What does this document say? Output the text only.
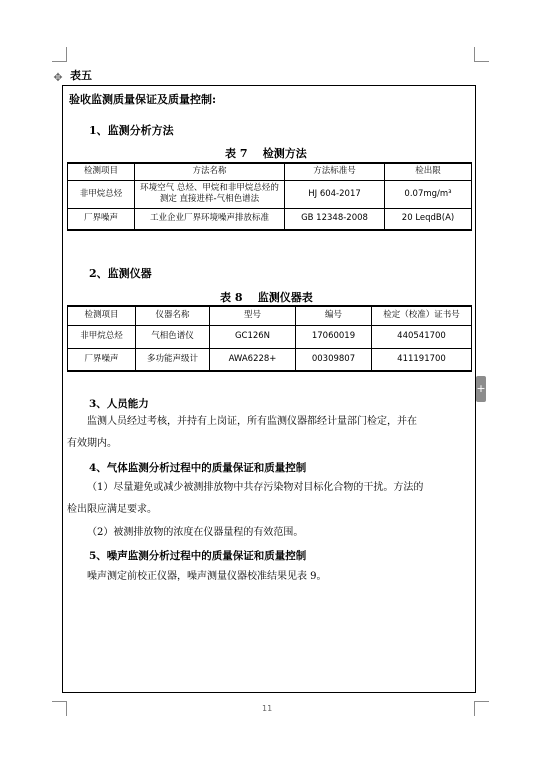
✥
+
表五
验收监测质量保证及质量控制:
1、监测分析方法
表 7    检测方法
检测项目	方法名称	方法标准号	检出限
非甲烷总烃	环境空气 总烃、甲烷和非甲烷总烃的测定 直接进样-气相色谱法	HJ 604-2017	0.07mg/m³
厂界噪声	工业企业厂界环境噪声排放标准	GB 12348-2008	20 LeqdB(A)
2、监测仪器
表 8    监测仪器表
检测项目	仪器名称	型号	编号	检定（校准）证书号
非甲烷总烃	气相色谱仪	GC126N	17060019	440541700
厂界噪声	多功能声级计	AWA6228+	00309807	411191700
3、人员能力
监测人员经过考核，并持有上岗证，所有监测仪器都经计量部门检定，并在
有效期内。
4、气体监测分析过程中的质量保证和质量控制
（1）尽量避免或减少被测排放物中共存污染物对目标化合物的干扰。方法的
检出限应满足要求。
（2）被测排放物的浓度在仪器量程的有效范围。
5、噪声监测分析过程中的质量保证和质量控制
噪声测定前校正仪器，噪声测量仪器校准结果见表 9。
11
